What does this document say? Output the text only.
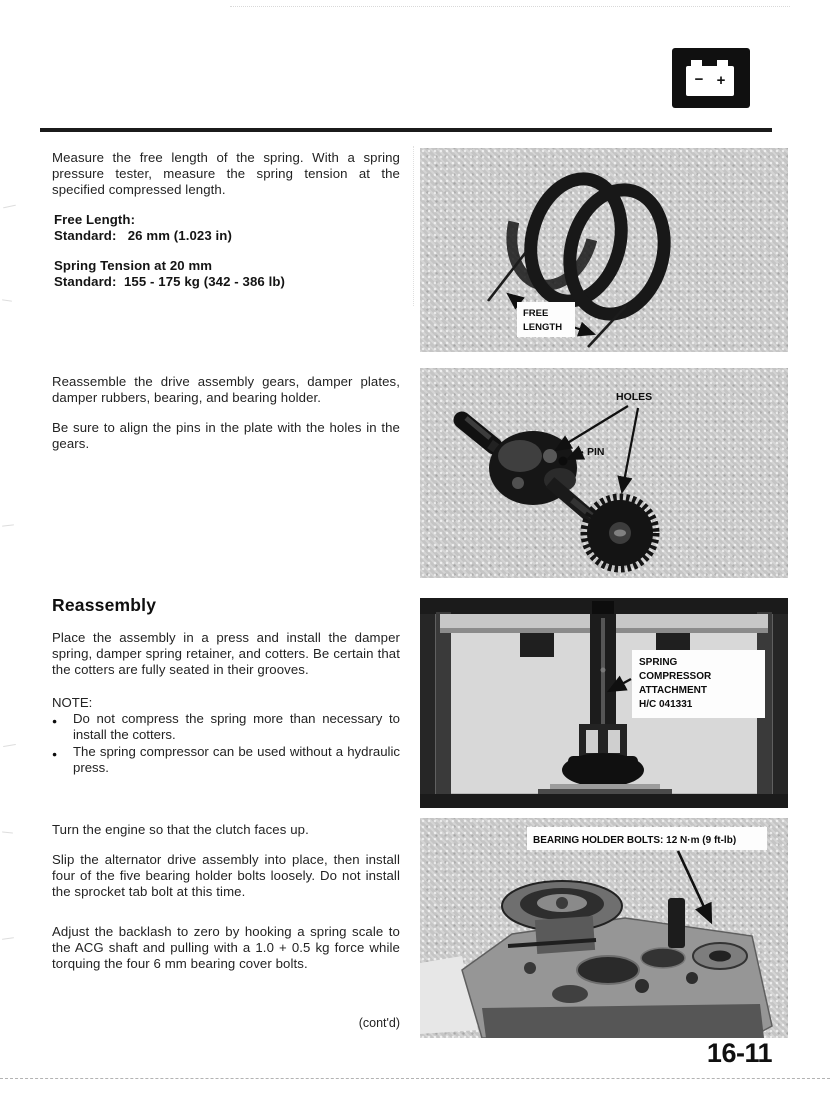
− +
Measure the free length of the spring. With a spring pressure tester, measure the spring tension at the specified compressed length.
Free Length:
Standard:   26 mm (1.023 in)
Spring Tension at 20 mm
Standard:  155 - 175 kg (342 - 386 lb)
Reassemble the drive assembly gears, damper plates, damper rubbers, bearing, and bearing holder.
Be sure to align the pins in the plate with the holes in the gears.
Reassembly
Place the assembly in a press and install the damper spring, damper spring retainer, and cotters. Be certain that the cotters are fully seated in their grooves.
NOTE:
●	Do not compress the spring more than necessary to install the cotters.
●	The spring compressor can be used without a hydraulic press.
Turn the engine so that the clutch faces up.
Slip the alternator drive assembly into place, then install four of the five bearing holder bolts loosely. Do not install the sprocket tab bolt at this time.
Adjust the backlash to zero by hooking a spring scale to the ACG shaft and pulling with a 1.0 + 0.5 kg force while torquing the four 6 mm bearing cover bolts.
(cont'd)
16-11
FREE
LENGTH
HOLES
PIN
SPRING
COMPRESSOR
ATTACHMENT
H/C 041331
BEARING HOLDER BOLTS: 12 N·m (9 ft-lb)
